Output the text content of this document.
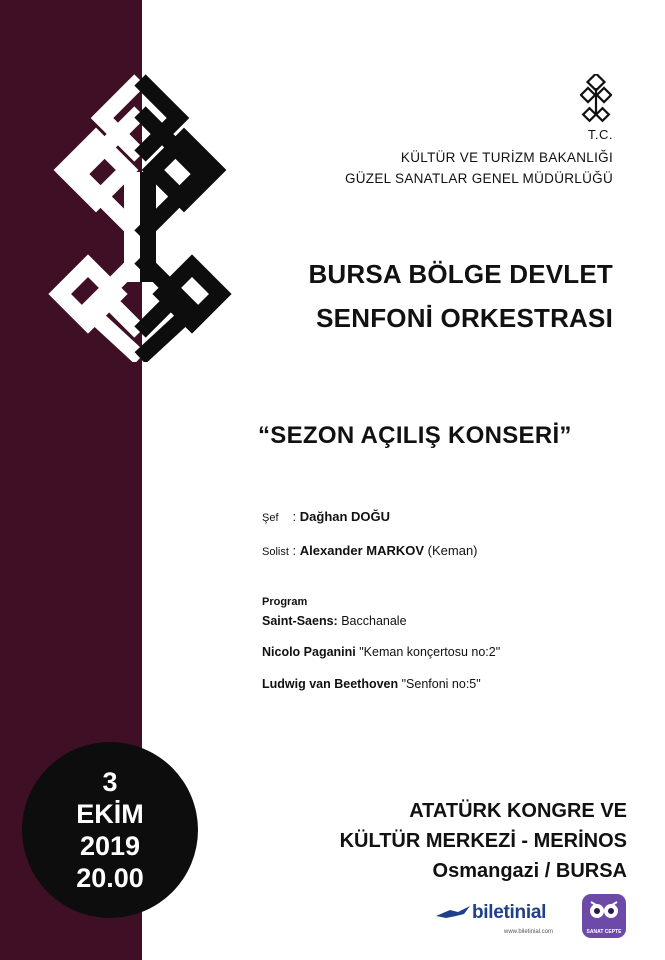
T.C.
KÜLTÜR VE TURİZM BAKANLIĞI
GÜZEL SANATLAR GENEL MÜDÜRLÜĞÜ
BURSA BÖLGE DEVLET
SENFONİ ORKESTRASI
“SEZON AÇILIŞ KONSERİ”
Şef : Dağhan DOĞU
Solist : Alexander MARKOV (Keman)
Program
Saint-Saens: Bacchanale
Nicolo Paganini "Keman konçertosu no:2"
Ludwig van Beethoven "Senfoni no:5"
3
EKİM
2019
20.00
ATATÜRK KONGRE VE
KÜLTÜR MERKEZİ - MERİNOS
Osmangazi / BURSA
biletinial
www.biletinial.com	SANAT CEPTE
